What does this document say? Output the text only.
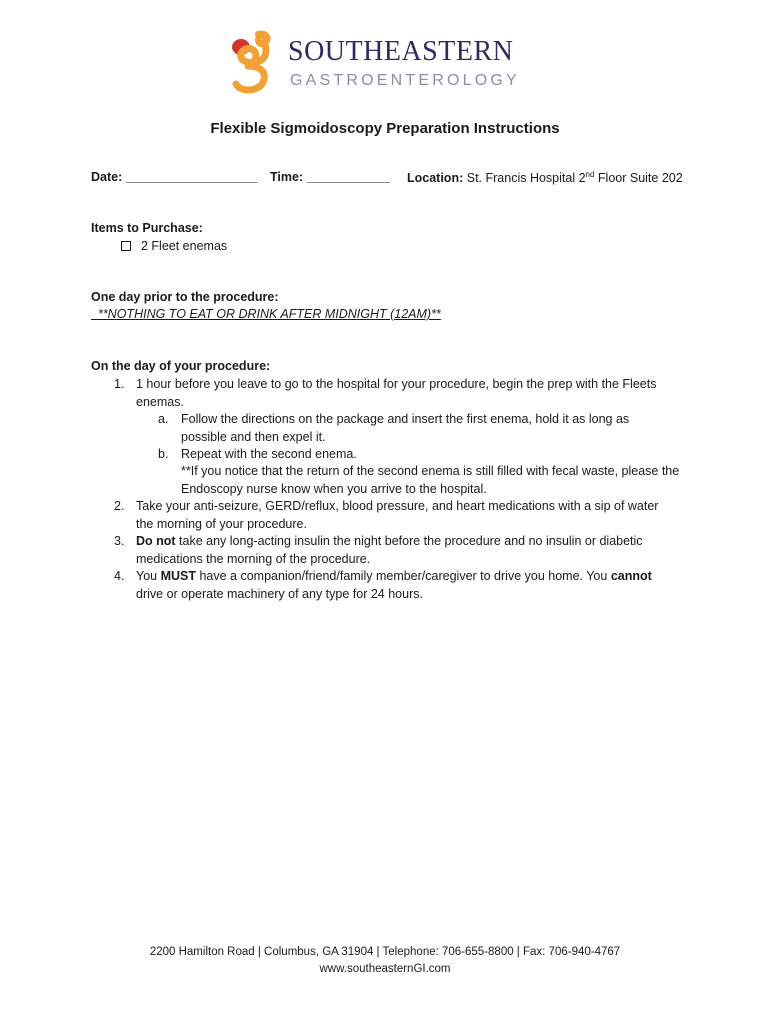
SOUTHEASTERN
GASTROENTEROLOGY
Flexible Sigmoidoscopy Preparation Instructions
Date: ___________________ Time: ____________ Location: St. Francis Hospital 2nd Floor Suite 202
Items to Purchase:
2 Fleet enemas
One day prior to the procedure:
**NOTHING TO EAT OR DRINK AFTER MIDNIGHT (12AM)**
On the day of your procedure:
1. 1 hour before you leave to go to the hospital for your procedure, begin the prep with the Fleets enemas.
a. Follow the directions on the package and insert the first enema, hold it as long as possible and then expel it.
b. Repeat with the second enema.
**If you notice that the return of the second enema is still filled with fecal waste, please the Endoscopy nurse know when you arrive to the hospital.
2. Take your anti-seizure, GERD/reflux, blood pressure, and heart medications with a sip of water the morning of your procedure.
3. Do not take any long-acting insulin the night before the procedure and no insulin or diabetic medications the morning of the procedure.
4. You MUST have a companion/friend/family member/caregiver to drive you home. You cannot drive or operate machinery of any type for 24 hours.
2200 Hamilton Road | Columbus, GA 31904 | Telephone: 706-655-8800 | Fax: 706-940-4767
www.southeasternGI.com
